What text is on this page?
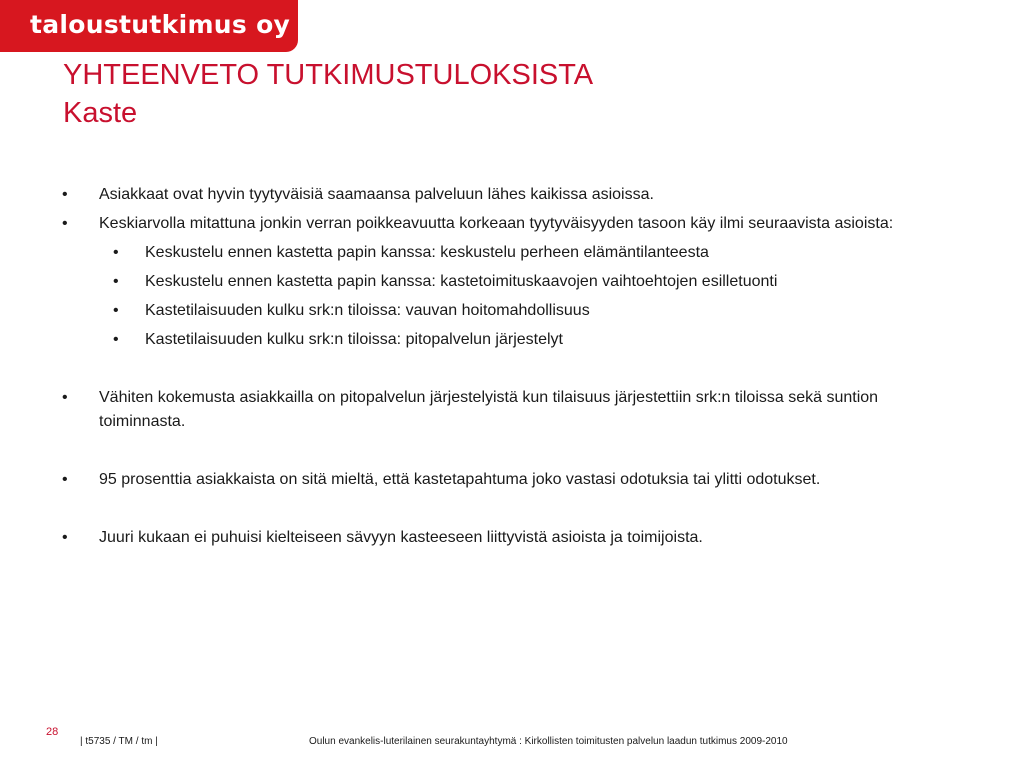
taloustutkimus oy
YHTEENVETO TUTKIMUSTULOKSISTA
Kaste
• Asiakkaat ovat hyvin tyytyväisiä saamaansa palveluun lähes kaikissa asioissa.
• Keskiarvolla mitattuna jonkin verran poikkeavuutta korkeaan tyytyväisyyden tasoon käy ilmi seuraavista asioista:
• Keskustelu ennen kastetta papin kanssa: keskustelu perheen elämäntilanteesta
• Keskustelu ennen kastetta papin kanssa: kastetoimituskaavojen vaihtoehtojen esilletuonti
• Kastetilaisuuden kulku srk:n tiloissa: vauvan hoitomahdollisuus
• Kastetilaisuuden kulku srk:n tiloissa: pitopalvelun järjestelyt
• Vähiten kokemusta asiakkailla on pitopalvelun järjestelyistä kun tilaisuus järjestettiin srk:n tiloissa sekä suntion toiminnasta.
• 95 prosenttia asiakkaista on sitä mieltä, että kastetapahtuma joko vastasi odotuksia tai ylitti odotukset.
• Juuri kukaan ei puhuisi kielteiseen sävyyn kasteeseen liittyvistä asioista ja toimijoista.
28
| t5735 / TM / tm |	Oulun evankelis-luterilainen seurakuntayhtymä : Kirkollisten toimitusten palvelun laadun tutkimus 2009-2010
